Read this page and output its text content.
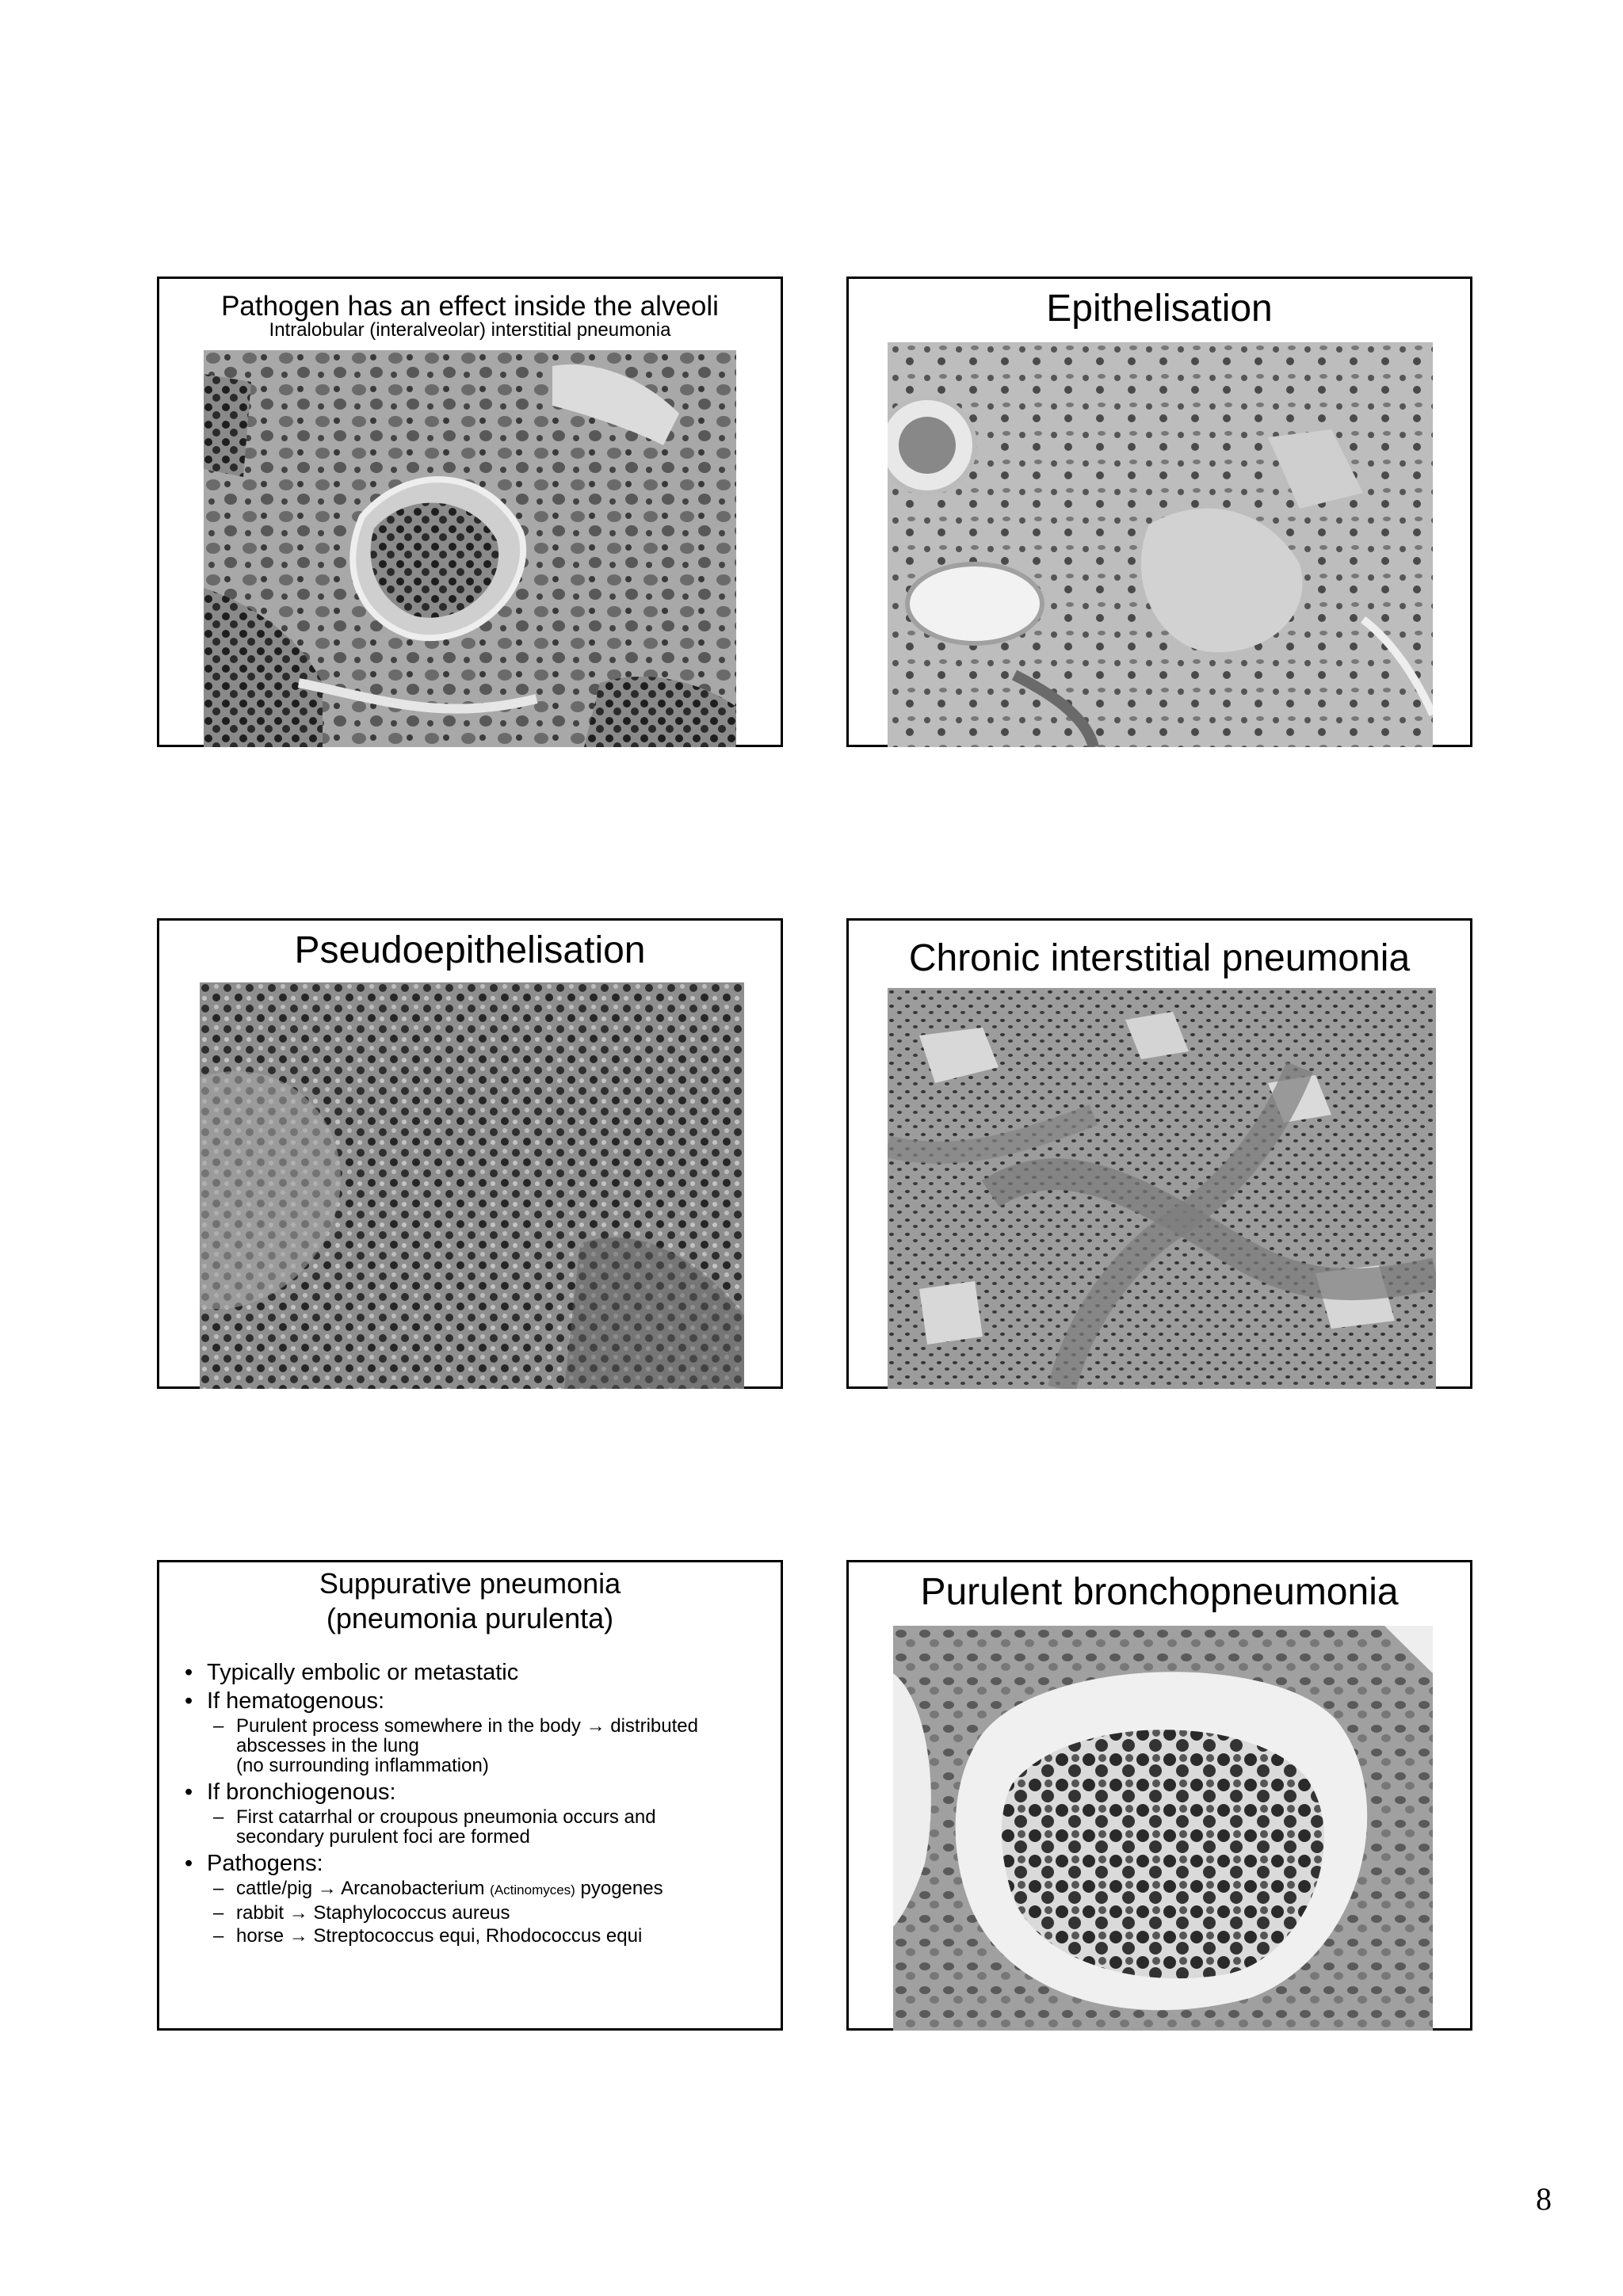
Pathogen has an effect inside the alveoli
Intralobular (interalveolar) interstitial pneumonia
Epithelisation
Pseudoepithelisation	Chronic interstitial pneumonia
Suppurative pneumonia
(pneumonia purulenta)
• Typically embolic or metastatic
• If hematogenous:
– Purulent process somewhere in the body → distributed
abscesses in the lung
(no surrounding inflammation)
• If bronchiogenous:
– First catarrhal or croupous pneumonia occurs and
secondary purulent foci are formed
• Pathogens:
– cattle/pig → Arcanobacterium (Actinomyces) pyogenes
– rabbit → Staphylococcus aureus
– horse → Streptococcus equi, Rhodococcus equi
Purulent bronchopneumonia
8
